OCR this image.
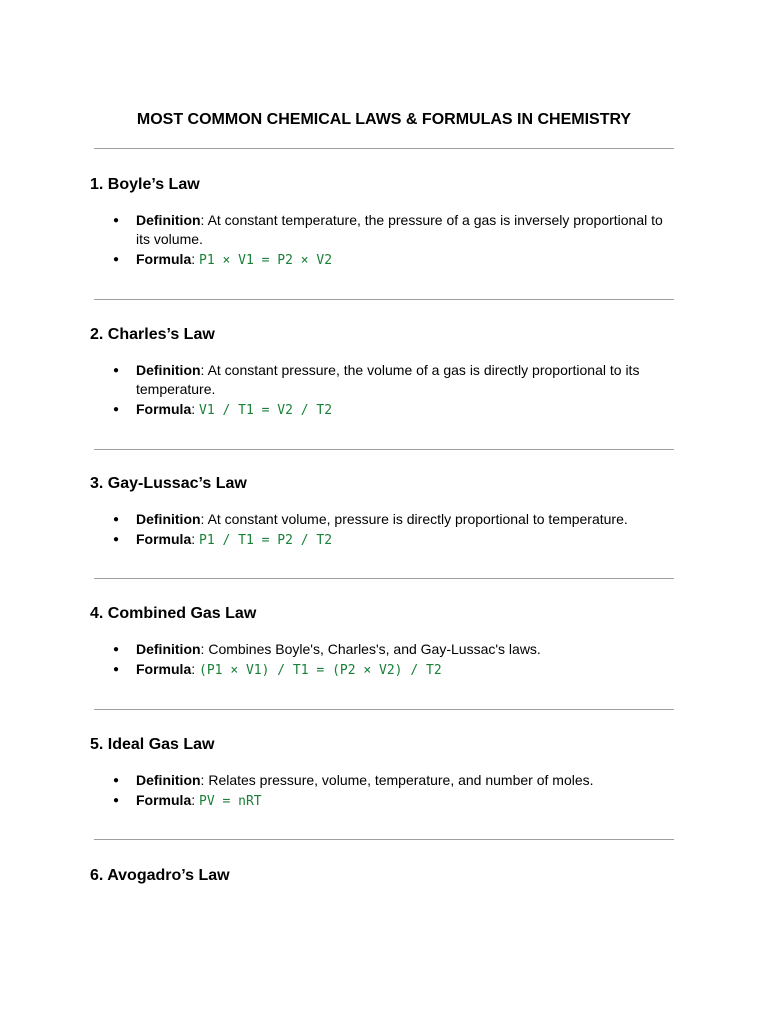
MOST COMMON CHEMICAL LAWS & FORMULAS IN CHEMISTRY
1. Boyle’s Law
● Definition: At constant temperature, the pressure of a gas is inversely proportional to its volume.
● Formula: P1 × V1 = P2 × V2
2. Charles’s Law
● Definition: At constant pressure, the volume of a gas is directly proportional to its temperature.
● Formula: V1 / T1 = V2 / T2
3. Gay-Lussac’s Law
● Definition: At constant volume, pressure is directly proportional to temperature.
● Formula: P1 / T1 = P2 / T2
4. Combined Gas Law
● Definition: Combines Boyle's, Charles's, and Gay-Lussac's laws.
● Formula: (P1 × V1) / T1 = (P2 × V2) / T2
5. Ideal Gas Law
● Definition: Relates pressure, volume, temperature, and number of moles.
● Formula: PV = nRT
6. Avogadro’s Law
